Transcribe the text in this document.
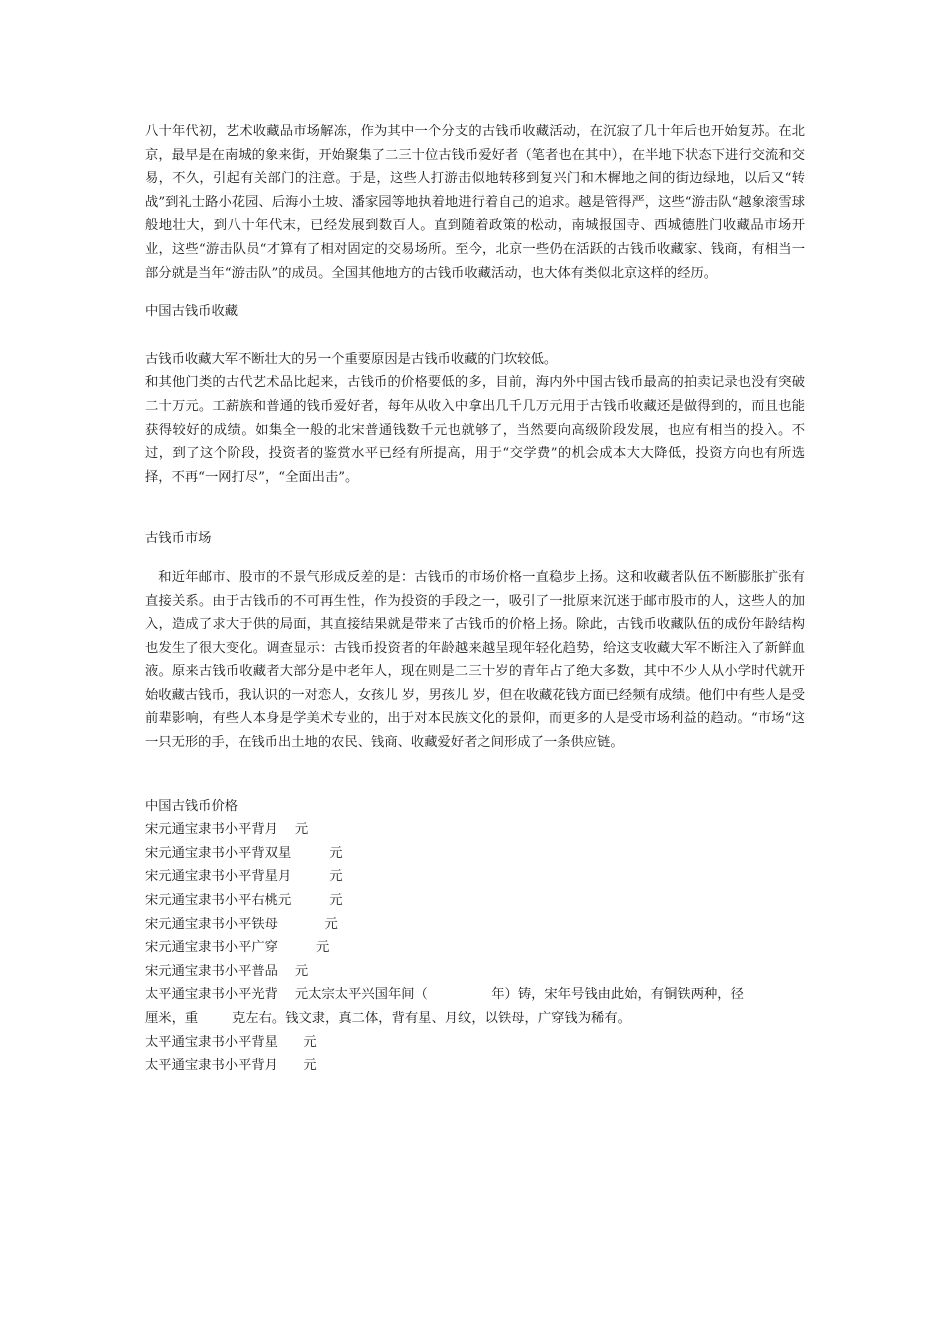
八十年代初，艺术收藏品市场解冻，作为其中一个分支的古钱币收藏活动，在沉寂了几十年后也开始复苏。在北京，最早是在南城的象来街，开始聚集了二三十位古钱币爱好者（笔者也在其中），在半地下状态下进行交流和交易，不久，引起有关部门的注意。于是，这些人打游击似地转移到复兴门和木樨地之间的街边绿地，以后又“转战”到礼士路小花园、后海小土坡、潘家园等地执着地进行着自己的追求。越是管得严，这些“游击队“越象滚雪球般地壮大，到八十年代末，已经发展到数百人。直到随着政策的松动，南城报国寺、西城德胜门收藏品市场开业，这些“游击队员“才算有了相对固定的交易场所。至今，北京一些仍在活跃的古钱币收藏家、钱商，有相当一部分就是当年“游击队”的成员。全国其他地方的古钱币收藏活动，也大体有类似北京这样的经历。

中国古钱币收藏

古钱币收藏大军不断壮大的另一个重要原因是古钱币收藏的门坎较低。

和其他门类的古代艺术品比起来，古钱币的价格要低的多，目前，海内外中国古钱币最高的拍卖记录也没有突破二十万元。工薪族和普通的钱币爱好者，每年从收入中拿出几千几万元用于古钱币收藏还是做得到的，而且也能获得较好的成绩。如集全一般的北宋普通钱数千元也就够了，当然要向高级阶段发展，也应有相当的投入。不过，到了这个阶段，投资者的鉴赏水平已经有所提高，用于“交学费”的机会成本大大降低，投资方向也有所选择，不再“一网打尽”，“全面出击”。

古钱币市场

和近年邮市、股市的不景气形成反差的是：古钱币的市场价格一直稳步上扬。这和收藏者队伍不断膨胀扩张有直接关系。由于古钱币的不可再生性，作为投资的手段之一，吸引了一批原来沉迷于邮市股市的人，这些人的加入，造成了求大于供的局面，其直接结果就是带来了古钱币的价格上扬。除此，古钱币收藏队伍的成份年龄结构也发生了很大变化。调查显示：古钱币投资者的年龄越来越呈现年轻化趋势，给这支收藏大军不断注入了新鲜血液。原来古钱币收藏者大部分是中老年人，现在则是二三十岁的青年占了绝大多数，其中不少人从小学时代就开始收藏古钱币，我认识的一对恋人，女孩儿 岁，男孩儿 岁，但在收藏花钱方面已经频有成绩。他们中有些人是受前辈影响，有些人本身是学美术专业的，出于对本民族文化的景仰，而更多的人是受市场利益的趋动。“市场“这一只无形的手，在钱币出土地的农民、钱商、收藏爱好者之间形成了一条供应链。

中国古钱币价格

宋元通宝隶书小平背月    元
宋元通宝隶书小平背双星         元
宋元通宝隶书小平背星月         元
宋元通宝隶书小平右桃元         元
宋元通宝隶书小平铁母           元
宋元通宝隶书小平广穿         元
宋元通宝隶书小平普品    元
太平通宝隶书小平光背    元太宗太平兴国年间（               年）铸，宋年号钱由此始，有铜铁两种，径
厘米，重        克左右。钱文隶，真二体，背有星、月纹，以铁母，广穿钱为稀有。
太平通宝隶书小平背星      元
太平通宝隶书小平背月      元
